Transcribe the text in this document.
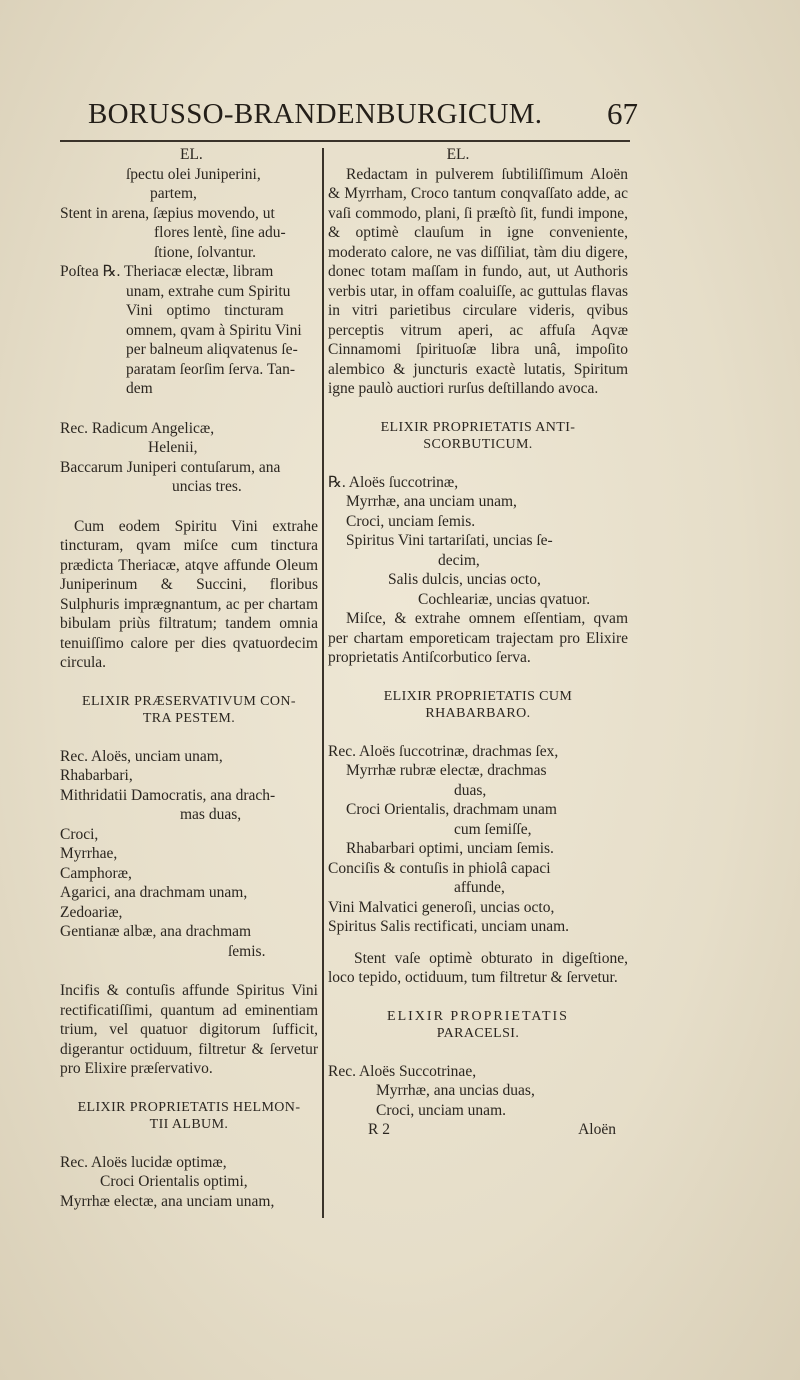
BORUSSO-BRANDENBURGICUM. 67

EL.

ſpectu olei Juniperini,

partem,

Stent in arena, ſæpius movendo, ut

flores lentè, ſine adu-

ſtione, ſolvantur.

Poſtea ℞. Theriacæ electæ, libram

unam, extrahe cum Spiritu

Vini optimo tincturam

omnem, qvam à Spiritu Vini

per balneum aliqvatenus ſe-

paratam ſeorſim ſerva. Tan-

dem

Rec. Radicum Angelicæ,

Helenii,

Baccarum Juniperi contuſarum, ana

uncias tres.

Cum eodem Spiritu Vini extrahe tincturam, qvam miſce cum tinctura prædicta Theriacæ, atqve affunde Oleum Juniperinum & Succini, floribus Sulphuris imprægnantum, ac per chartam bibulam priùs filtratum; tandem omnia tenuiſſimo calore per dies qvatuordecim circula.

ELIXIR PRÆSERVATIVUM CON-

TRA PESTEM.

Rec. Aloës, unciam unam,

Rhabarbari,

Mithridatii Damocratis, ana drach-

mas duas,

Croci,

Myrrhae,

Camphoræ,

Agarici, ana drachmam unam,

Zedoariæ,

Gentianæ albæ, ana drachmam

ſemis.

Incifis & contuſis affunde Spiritus Vini rectificatiſſimi, quantum ad eminentiam trium, vel quatuor digitorum ſufficit, digerantur octiduum, filtretur & ſervetur pro Elixire præſervativo.

ELIXIR PROPRIETATIS HELMON-

TII ALBUM.

Rec. Aloës lucidæ optimæ,

Croci Orientalis optimi,

Myrrhæ electæ, ana unciam unam,

EL.

Redactam in pulverem ſubtiliſſimum Aloën & Myrrham, Croco tantum conqvaſſato adde, ac vaſi commodo, plani, ſi præſtò ſit, fundi impone, & optimè clauſum in igne conveniente, moderato calore, ne vas diſſiliat, tàm diu digere, donec totam maſſam in fundo, aut, ut Authoris verbis utar, in offam coaluiſſe, ac guttulas flavas in vitri parietibus circulare videris, qvibus perceptis vitrum aperi, ac affuſa Aqvæ Cinnamomi ſpirituoſæ libra unâ, impoſito alembico & juncturis exactè lutatis, Spiritum igne paulò auctiori rurſus deſtillando avoca.

ELIXIR PROPRIETATIS ANTI-

SCORBUTICUM.

℞. Aloës ſuccotrinæ,

Myrrhæ, ana unciam unam,

Croci, unciam ſemis.

Spiritus Vini tartariſati, uncias ſe-

decim,

Salis dulcis, uncias octo,

Cochleariæ, uncias qvatuor.

Miſce, & extrahe omnem eſſentiam, qvam per chartam emporeticam trajectam pro Elixire proprietatis Antiſcorbutico ſerva.

ELIXIR PROPRIETATIS CUM

RHABARBARO.

Rec. Aloës ſuccotrinæ, drachmas ſex,

Myrrhæ rubræ electæ, drachmas

duas,

Croci Orientalis, drachmam unam

cum ſemiſſe,

Rhabarbari optimi, unciam ſemis.

Conciſis & contuſis in phiolâ capaci

affunde,

Vini Malvatici generoſi, uncias octo,

Spiritus Salis rectificati, unciam unam.

Stent vaſe optimè obturato in digeſtione, loco tepido, octiduum, tum filtretur & ſervetur.

ELIXIR PROPRIETATIS

PARACELSI.

Rec. Aloës Succotrinae,

Myrrhæ, ana uncias duas,

Croci, unciam unam.

R 2	Aloën
